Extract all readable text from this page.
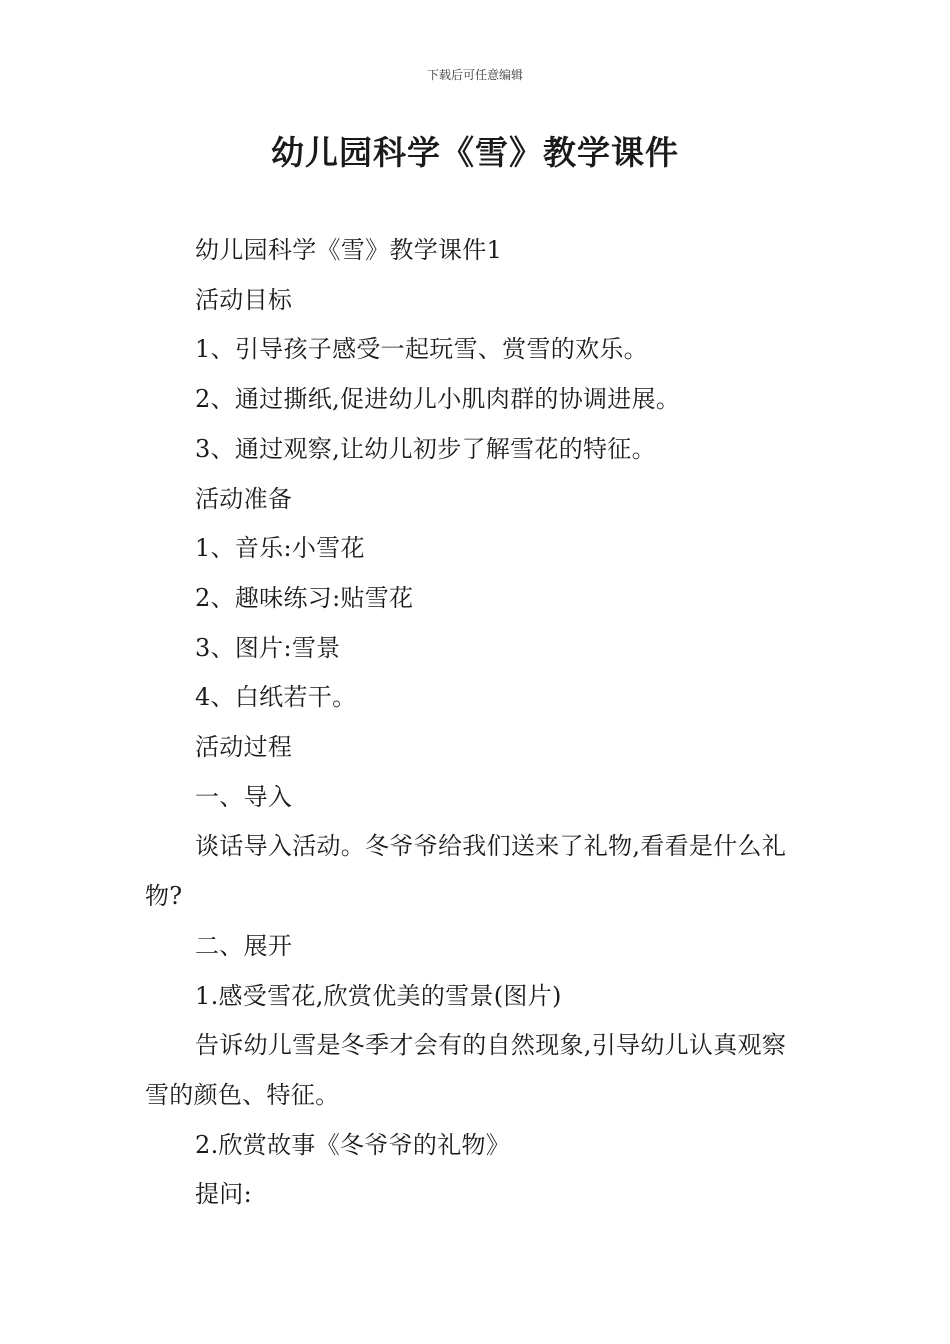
下载后可任意编辑
幼儿园科学《雪》教学课件

幼儿园科学《雪》教学课件1

活动目标

1、引导孩子感受一起玩雪、赏雪的欢乐。

2、通过撕纸,促进幼儿小肌肉群的协调进展。

3、通过观察,让幼儿初步了解雪花的特征。

活动准备

1、音乐:小雪花

2、趣味练习:贴雪花

3、图片:雪景

4、白纸若干。

活动过程

一、导入

谈话导入活动。冬爷爷给我们送来了礼物,看看是什么礼物?

二、展开

1.感受雪花,欣赏优美的雪景(图片)

告诉幼儿雪是冬季才会有的自然现象,引导幼儿认真观察雪的颜色、特征。

2.欣赏故事《冬爷爷的礼物》

提问:
